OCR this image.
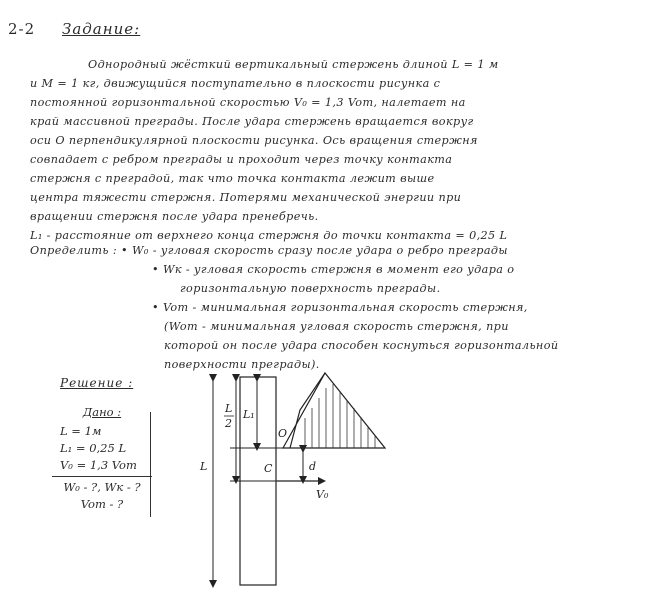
2-2 Задание:
Однородный жёсткий вертикальный стержень длиной L = 1 м
и M = 1 кг, движущийся поступательно в плоскости рисунка с
постоянной горизонтальной скоростью V₀ = 1,3 Vom, налетает на
край массивной преграды. После удара стержень вращается вокруг
оси O перпендикулярной плоскости рисунка. Ось вращения стержня
совпадает с ребром преграды и проходит через точку контакта
стержня с преградой, так что точка контакта лежит выше
центра тяжести стержня. Потерями механической энергии при
вращении стержня после удара пренебречь.
L₁ - расстояние от верхнего конца стержня до точки контакта = 0,25 L
Определить : • W₀ - угловая скорость сразу после удара о ребро преграды
• Wк - угловая скорость стержня в момент его удара о
горизонтальную поверхность преграды.
• Vom - минимальная горизонтальная скорость стержня,
(Wom - минимальная угловая скорость стержня, при
которой он после удара способен коснуться горизонтальной
поверхности преграды).
Решение :
Дано :
L = 1м
L₁ = 0,25 L
V₀ = 1,3 Vom
W₀ - ?, Wк - ?
Vom - ?
L
L
2
L₁
O
C	d
V₀
